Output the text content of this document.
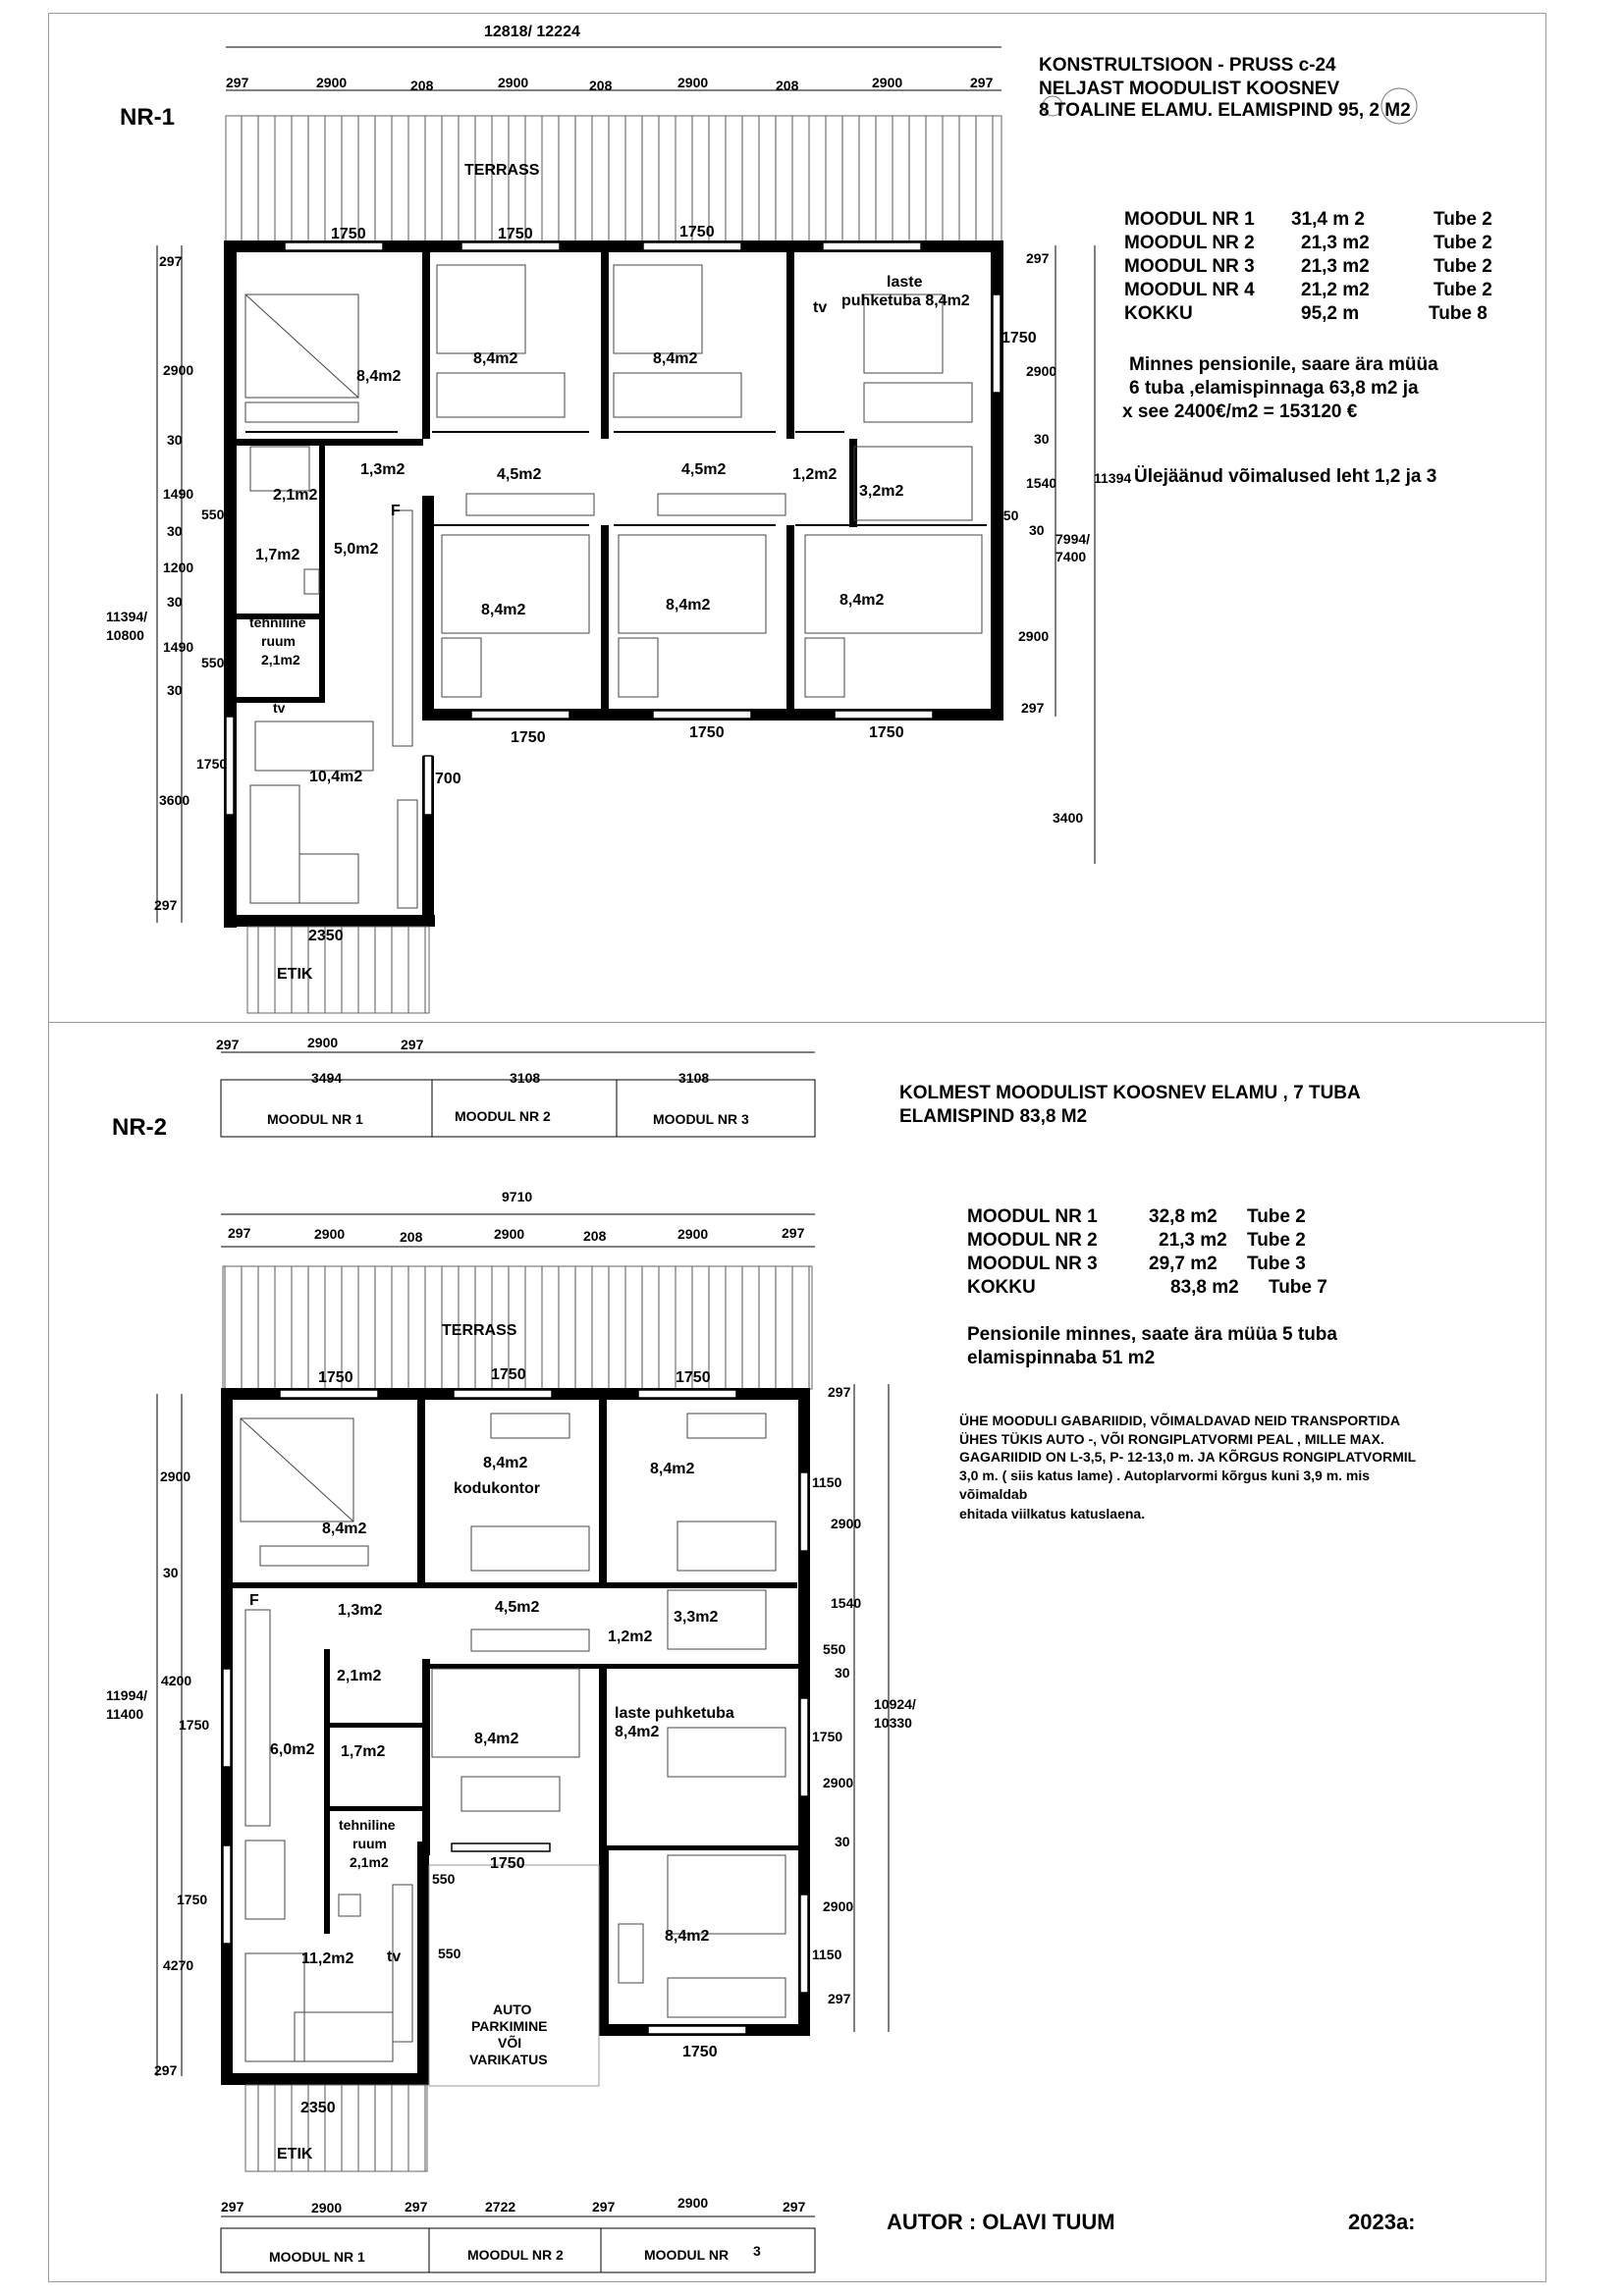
NR-1
12818/ 12224
297	2900	208	2900	208	2900	208	2900	297
KONSTRULTSIOON - PRUSS c-24
NELJAST MOODULIST KOOSNEV
8 TOALINE ELAMU. ELAMISPIND 95, 2 M2
MOODUL NR 1	31,4 m 2	Tube 2
MOODUL NR 2	21,3 m2	Tube 2
MOODUL NR 3	21,3 m2	Tube 2
MOODUL NR 4	21,2 m2	Tube 2
KOKKU	95,2 m	Tube 8
Minnes pensionile, saare ära müüa
6 tuba ,elamispinnaga 63,8 m2 ja
x see 2400€/m2 = 153120 €
Ülejäänud võimalused leht 1,2 ja 3
TERRASS
ETIK
1750	1750	1750
1750
1750	1750	1750
2350
700
8,4m2
8,4m2	8,4m2
laste
puhketuba 8,4m2
tv
2,1m2
1,3m2	4,5m2	4,5m2	1,2m2
3,2m2
1,7m2 5,0m2
F
8,4m2	8,4m2	8,4m2
tehniline
ruum
2,1m2
tv
10,4m2
297
2900
30
1490
550
30
1200
30
1490
550
30
1750
3600
297
11394/
10800
297
2900
30
1540
550
30
2900
297
3400
11394
7994/
7400
NR-2
297	2900	297
3494	3108	3108
MOODUL NR 1	MOODUL NR 2	MOODUL NR 3
KOLMEST MOODULIST KOOSNEV ELAMU , 7 TUBA
ELAMISPIND 83,8 M2
MOODUL NR 1	32,8 m2	Tube 2
MOODUL NR 2	21,3 m2	Tube 2
MOODUL NR 3	29,7 m2	Tube 3
KOKKU	83,8 m2	Tube 7
Pensionile minnes, saate ära müüa 5 tuba
elamispinnaba 51 m2
ÜHE MOODULI GABARIIDID, VÕIMALDAVAD NEID TRANSPORTIDA
ÜHES TÜKIS AUTO -, VÕI RONGIPLATVORMI PEAL , MILLE MAX.
GAGARIIDID ON L-3,5, P- 12-13,0 m. JA KÕRGUS RONGIPLATVORMIL
3,0 m. ( siis katus lame) . Autoplarvormi kõrgus kuni 3,9 m. mis
võimaldab
ehitada viilkatus katuslaena.
9710
297	2900	208	2900	208	2900	297
TERRASS
ETIK
AUTO
PARKIMINE
VÕI
VARIKATUS
1750	1750	1750
1750
1750
2350
8,4m2
8,4m2
kodukontor
8,4m2
F
1,3m2	4,5m2
1,2m2
3,3m2
2,1m2
6,0m2 1,7m2
tehniline
ruum
2,1m2
8,4m2
laste puhketuba
8,4m2
11,2m2 tv
8,4m2
2900
30
4200
1750
1750
4270
297
11994/
11400
297
1150
2900
1540
550
30
1750
2900
30
2900
1150
297
550
550
10924/
10330
297	2900	297	2722	297	2900	297
MOODUL NR 1	MOODUL NR 2	MOODUL NR 3
AUTOR : OLAVI TUUM	2023a:
